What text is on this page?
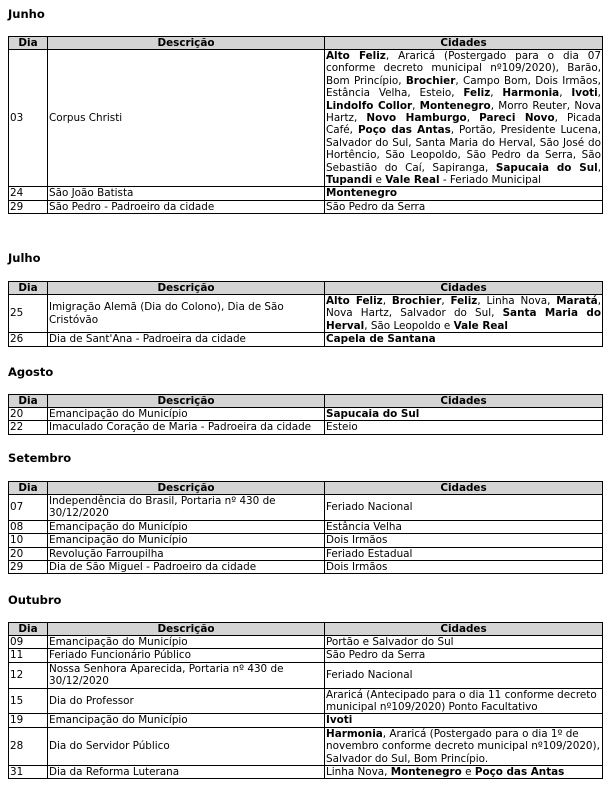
Junho
Dia	Descrição	Cidades
03	Corpus Christi	Alto Feliz, Araricá (Postergado para o dia 07 conforme decreto municipal nº109/2020), Barão, Bom Princípio, Brochier, Campo Bom, Dois Irmãos, Estância Velha, Esteio, Feliz, Harmonia, Ivoti, Lindolfo Collor, Montenegro, Morro Reuter, Nova Hartz, Novo Hamburgo, Pareci Novo, Picada Café, Poço das Antas, Portão, Presidente Lucena, Salvador do Sul, Santa Maria do Herval, São José do Hortêncio, São Leopoldo, São Pedro da Serra, São Sebastião do Caí, Sapiranga, Sapucaia do Sul, Tupandi e Vale Real - Feriado Municipal
24	São João Batista	Montenegro
29	São Pedro - Padroeiro da cidade	São Pedro da Serra
Julho
Dia	Descrição	Cidades
25	Imigração Alemã (Dia do Colono), Dia de São Cristóvão	Alto Feliz, Brochier, Feliz, Linha Nova, Maratá, Nova Hartz, Salvador do Sul, Santa Maria do Herval, São Leopoldo e Vale Real
26	Dia de Sant'Ana - Padroeira da cidade	Capela de Santana
Agosto
Dia	Descrição	Cidades
20	Emancipação do Município	Sapucaia do Sul
22	Imaculado Coração de Maria - Padroeira da cidade	Esteio
Setembro
Dia	Descrição	Cidades
07	Independência do Brasil, Portaria nº 430 de 30/12/2020	Feriado Nacional
08	Emancipação do Município	Estância Velha
10	Emancipação do Município	Dois Irmãos
20	Revolução Farroupilha	Feriado Estadual
29	Dia de São Miguel - Padroeiro da cidade	Dois Irmãos
Outubro
Dia	Descrição	Cidades
09	Emancipação do Município	Portão e Salvador do Sul
11	Feriado Funcionário Público	São Pedro da Serra
12	Nossa Senhora Aparecida, Portaria nº 430 de 30/12/2020	Feriado Nacional
15	Dia do Professor	Araricá (Antecipado para o dia 11 conforme decreto municipal nº109/2020) Ponto Facultativo
19	Emancipação do Município	Ivoti
28	Dia do Servidor Público	Harmonia, Araricá (Postergado para o dia 1º de novembro conforme decreto municipal nº109/2020), Salvador do Sul, Bom Princípio.
31	Dia da Reforma Luterana	Linha Nova, Montenegro e Poço das Antas
